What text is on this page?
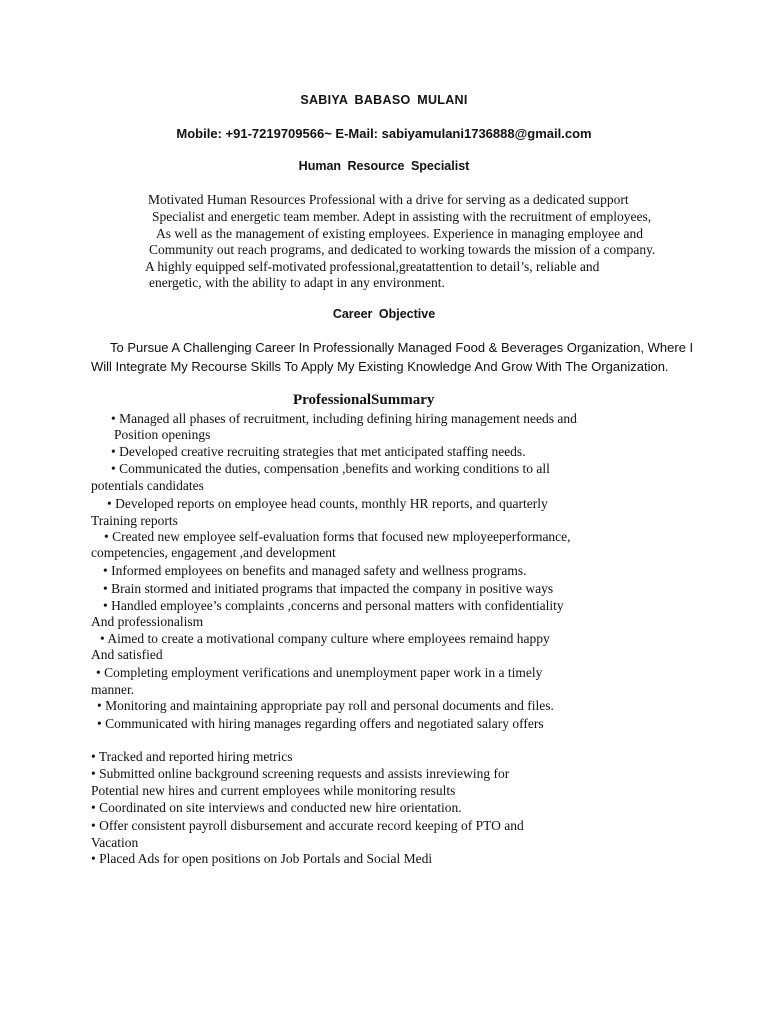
SABIYA BABASO MULANI
Mobile: +91-7219709566~ E-Mail: sabiyamulani1736888@gmail.com
Human Resource Specialist
Motivated Human Resources Professional with a drive for serving as a dedicated support
Specialist and energetic team member. Adept in assisting with the recruitment of employees,
As well as the management of existing employees. Experience in managing employee and
Community out reach programs, and dedicated to working towards the mission of a company.
A highly equipped self-motivated professional,greatattention to detail’s, reliable and
energetic, with the ability to adapt in any environment.
Career Objective
To Pursue A Challenging Career In Professionally Managed Food & Beverages Organization, Where I
Will Integrate My Recourse Skills To Apply My Existing Knowledge And Grow With The Organization.
ProfessionalSummary
• Managed all phases of recruitment, including defining hiring management needs and
Position openings
• Developed creative recruiting strategies that met anticipated staffing needs.
• Communicated the duties, compensation ,benefits and working conditions to all
potentials candidates
• Developed reports on employee head counts, monthly HR reports, and quarterly
Training reports
• Created new employee self-evaluation forms that focused new mployeeperformance,
competencies, engagement ,and development
• Informed employees on benefits and managed safety and wellness programs.
• Brain stormed and initiated programs that impacted the company in positive ways
• Handled employee’s complaints ,concerns and personal matters with confidentiality
And professionalism
• Aimed to create a motivational company culture where employees remaind happy
And satisfied
• Completing employment verifications and unemployment paper work in a timely
manner.
• Monitoring and maintaining appropriate pay roll and personal documents and files.
• Communicated with hiring manages regarding offers and negotiated salary offers
• Tracked and reported hiring metrics
• Submitted online background screening requests and assists inreviewing for
Potential new hires and current employees while monitoring results
• Coordinated on site interviews and conducted new hire orientation.
• Offer consistent payroll disbursement and accurate record keeping of PTO and
Vacation
• Placed Ads for open positions on Job Portals and Social Medi
